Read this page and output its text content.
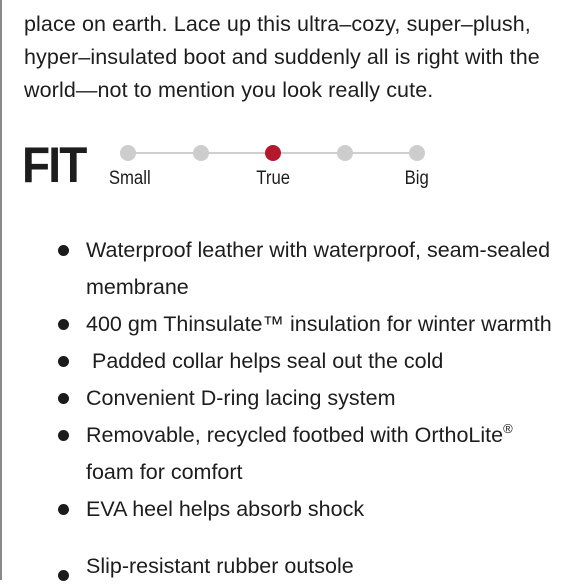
place on earth. Lace up this ultra–cozy, super–plush,
hyper–insulated boot and suddenly all is right with the
world—not to mention you look really cute.
FIT Small	True	Big
Waterproof leather with waterproof, seam-sealed membrane
400 gm Thinsulate™ insulation for winter warmth
Padded collar helps seal out the cold
Convenient D-ring lacing system
Removable, recycled footbed with OrthoLite® foam for comfort
EVA heel helps absorb shock
Slip-resistant rubber outsole
